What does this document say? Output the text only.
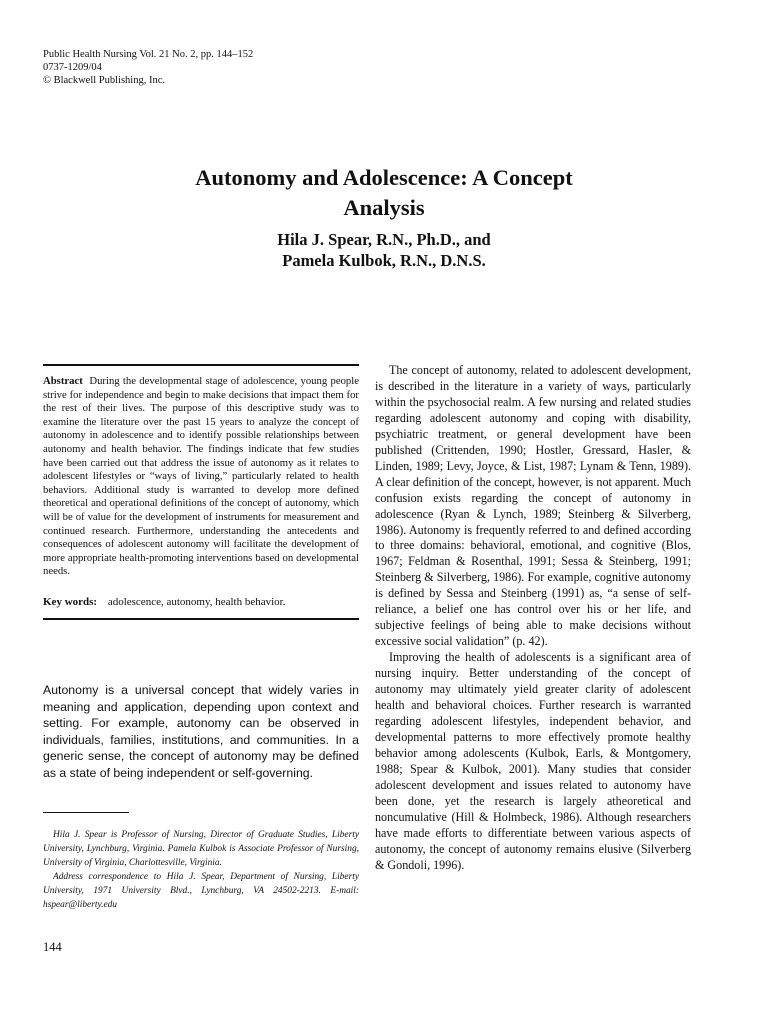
Public Health Nursing Vol. 21 No. 2, pp. 144–152
0737-1209/04
© Blackwell Publishing, Inc.
Autonomy and Adolescence: A Concept
Analysis
Hila J. Spear, R.N., Ph.D., and
Pamela Kulbok, R.N., D.N.S.

Abstract During the developmental stage of adolescence, young people strive for independence and begin to make decisions that impact them for the rest of their lives. The purpose of this descriptive study was to examine the literature over the past 15 years to analyze the concept of autonomy in adolescence and to identify possible relationships between autonomy and health behavior. The findings indicate that few studies have been carried out that address the issue of autonomy as it relates to adolescent lifestyles or “ways of living,” particularly related to health behaviors. Additional study is warranted to develop more defined theoretical and operational definitions of the concept of autonomy, which will be of value for the development of instruments for measurement and continued research. Furthermore, understanding the antecedents and consequences of adolescent autonomy will facilitate the development of more appropriate health-promoting interventions based on developmental needs.

Key words: adolescence, autonomy, health behavior.

Autonomy is a universal concept that widely varies in meaning and application, depending upon context and setting. For example, autonomy can be observed in individuals, families, institutions, and communities. In a generic sense, the concept of autonomy may be defined as a state of being independent or self-governing.

Hila J. Spear is Professor of Nursing, Director of Graduate Studies, Liberty University, Lynchburg, Virginia. Pamela Kulbok is Associate Professor of Nursing, University of Virginia, Charlottesville, Virginia.

Address correspondence to Hila J. Spear, Department of Nursing, Liberty University, 1971 University Blvd., Lynchburg, VA 24502-2213. E-mail: hspear@liberty.edu

144

The concept of autonomy, related to adolescent development, is described in the literature in a variety of ways, particularly within the psychosocial realm. A few nursing and related studies regarding adolescent autonomy and coping with disability, psychiatric treatment, or general development have been published (Crittenden, 1990; Hostler, Gressard, Hasler, & Linden, 1989; Levy, Joyce, & List, 1987; Lynam & Tenn, 1989). A clear definition of the concept, however, is not apparent. Much confusion exists regarding the concept of autonomy in adolescence (Ryan & Lynch, 1989; Steinberg & Silverberg, 1986). Autonomy is frequently referred to and defined according to three domains: behavioral, emotional, and cognitive (Blos, 1967; Feldman & Rosenthal, 1991; Sessa & Steinberg, 1991; Steinberg & Silverberg, 1986). For example, cognitive autonomy is defined by Sessa and Steinberg (1991) as, “a sense of self-reliance, a belief one has control over his or her life, and subjective feelings of being able to make decisions without excessive social validation” (p. 42).

Improving the health of adolescents is a significant area of nursing inquiry. Better understanding of the concept of autonomy may ultimately yield greater clarity of adolescent health and behavioral choices. Further research is warranted regarding adolescent lifestyles, independent behavior, and developmental patterns to more effectively promote healthy behavior among adolescents (Kulbok, Earls, & Montgomery, 1988; Spear & Kulbok, 2001). Many studies that consider adolescent development and issues related to autonomy have been done, yet the research is largely atheoretical and noncumulative (Hill & Holmbeck, 1986). Although researchers have made efforts to differentiate between various aspects of autonomy, the concept of autonomy remains elusive (Silverberg & Gondoli, 1996).
